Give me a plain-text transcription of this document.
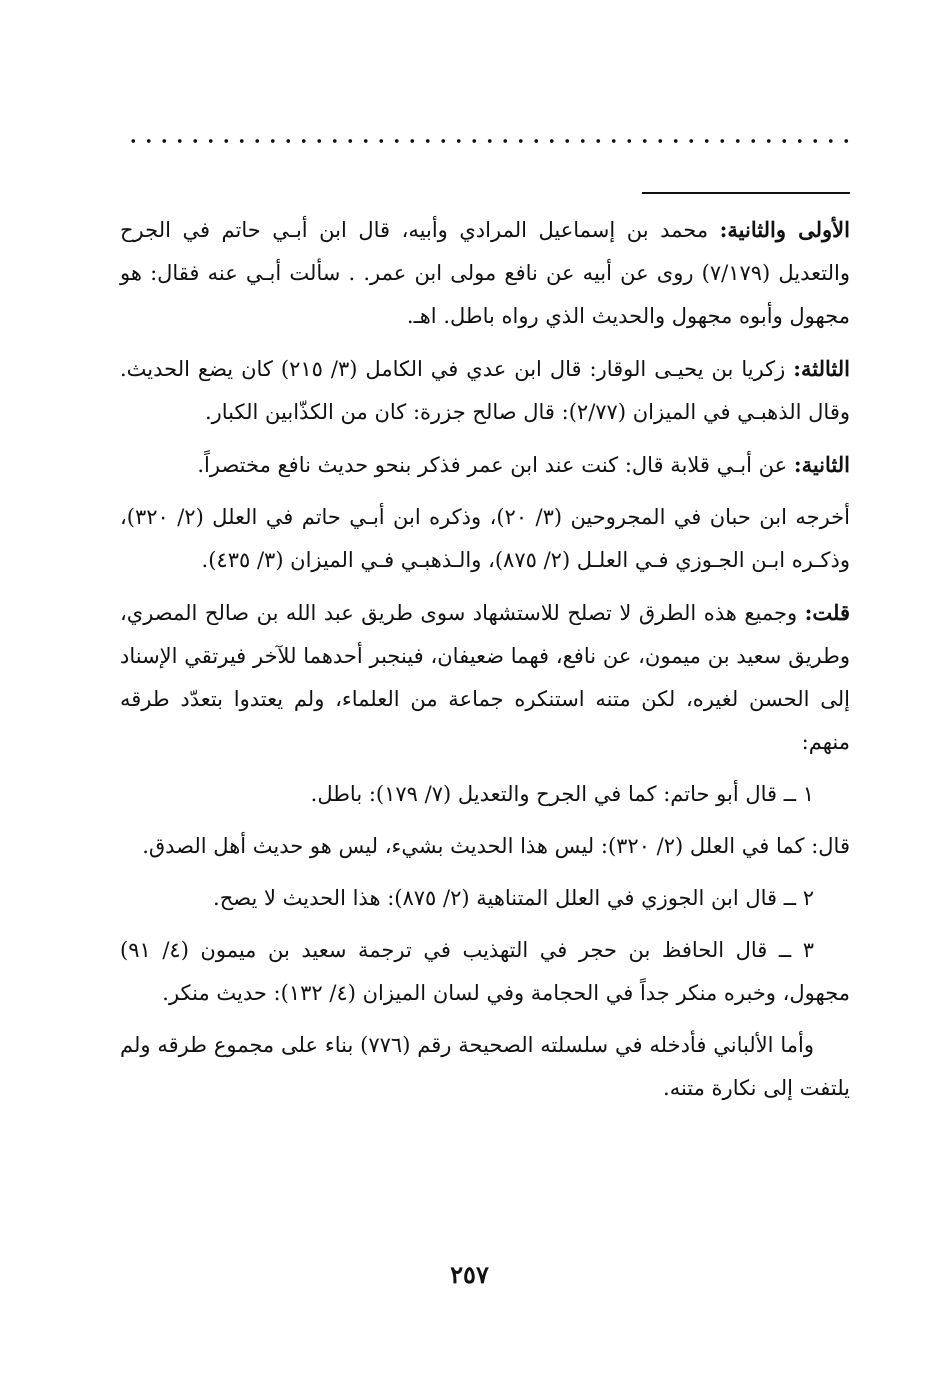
الأولى والثانية: محمد بن إسماعيل المرادي وأبيه، قال ابن أبـي حاتم في الجرح والتعديل (٧/١٧٩) روى عن أبيه عن نافع مولى ابن عمر. . سألت أبـي عنه فقال: هو مجهول وأبوه مجهول والحديث الذي رواه باطل. اهـ.

الثالثة: زكريا بن يحيـى الوقار: قال ابن عدي في الكامل (٣/ ٢١٥) كان يضع الحديث. وقال الذهبـي في الميزان (٢/٧٧): قال صالح جزرة: كان من الكذّابين الكبار.

الثانية: عن أبـي قلابة قال: كنت عند ابن عمر فذكر بنحو حديث نافع مختصراً.

أخرجه ابن حبان في المجروحين (٣/ ٢٠)، وذكره ابن أبـي حاتم في العلل (٢/ ٣٢٠)، وذكـره ابـن الجـوزي فـي العلـل (٢/ ٨٧٥)، والـذهبـي فـي الميزان (٣/ ٤٣٥).

قلت: وجميع هذه الطرق لا تصلح للاستشهاد سوى طريق عبد الله بن صالح المصري، وطريق سعيد بن ميمون، عن نافع، فهما ضعيفان، فينجبر أحدهما للآخر فيرتقي الإسناد إلى الحسن لغيره، لكن متنه استنكره جماعة من العلماء، ولم يعتدوا بتعدّد طرقه منهم:

١ ــ قال أبو حاتم: كما في الجرح والتعديل (٧/ ١٧٩): باطل.

قال: كما في العلل (٢/ ٣٢٠): ليس هذا الحديث بشيء، ليس هو حديث أهل الصدق.

٢ ــ قال ابن الجوزي في العلل المتناهية (٢/ ٨٧٥): هذا الحديث لا يصح.

٣ ــ قال الحافظ بن حجر في التهذيب في ترجمة سعيد بن ميمون (٤/ ٩١) مجهول، وخبره منكر جداً في الحجامة وفي لسان الميزان (٤/ ١٣٢): حديث منكر.

وأما الألباني فأدخله في سلسلته الصحيحة رقم (٧٧٦) بناء على مجموع طرقه ولم يلتفت إلى نكارة متنه.

٢٥٧
